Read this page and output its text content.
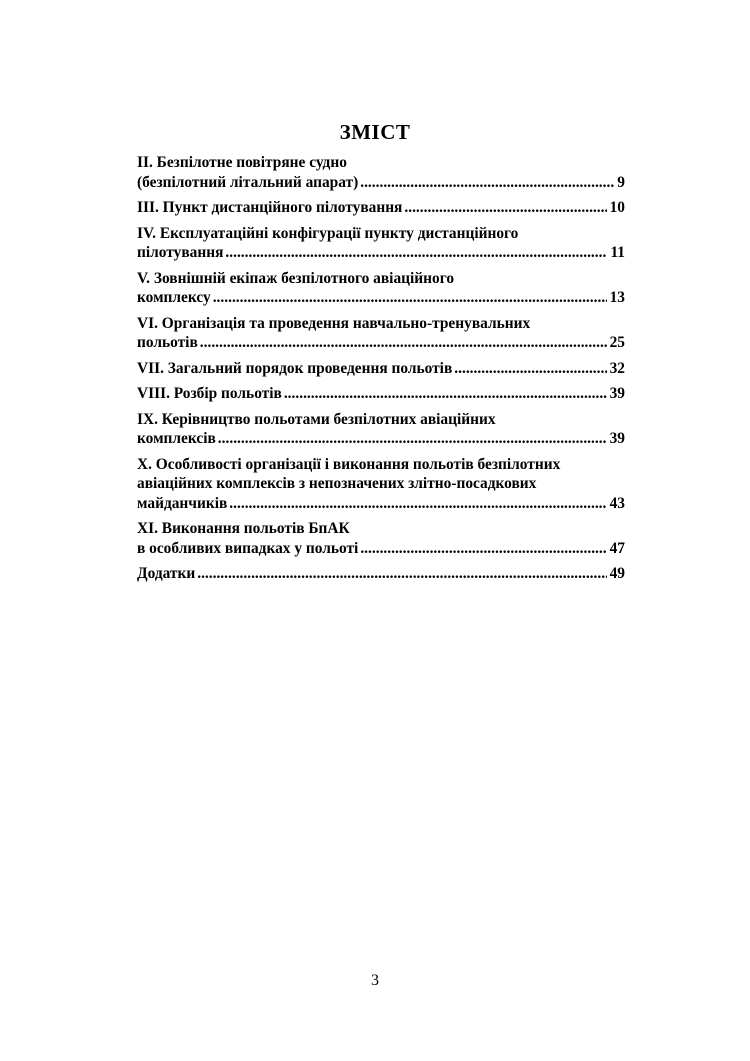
ЗМІСТ
ІІ. Безпілотне повітряне судно
(безпілотний літальний апарат) .....	9
ІІІ. Пункт дистанційного пілотування .....	10
IV. Експлуатаційні конфігурації пункту дистанційного
пілотування .....	11
V. Зовнішній екіпаж безпілотного авіаційного
комплексу .....	13
VI. Організація та проведення навчально-тренувальних
польотів .....	25
VІI. Загальний порядок проведення польотів .....	32
VІII. Розбір польотів .....	39
ІХ. Керівництво польотами безпілотних авіаційних
комплексів .....	39
Х. Особливості організації і виконання польотів безпілотних
авіаційних комплексів з непозначених злітно-посадкових
майданчиків .....	43
ХI. Виконання польотів БпАК
в особливих випадках у польоті .....	47
Додатки .....	49
3
